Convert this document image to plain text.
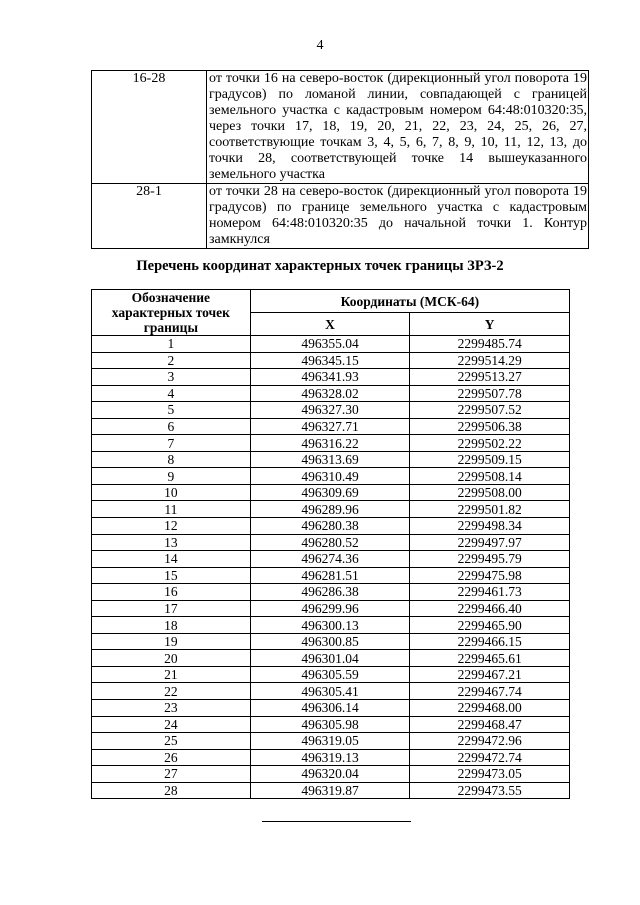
4
16-28	от точки 16 на северо-восток (дирекционный угол поворота 19 градусов) по ломаной линии, совпадающей с границей земельного участка с кадастровым номером 64:48:010320:35, через точки 17, 18, 19, 20, 21, 22, 23, 24, 25, 26, 27, соответствующие точкам 3, 4, 5, 6, 7, 8, 9, 10, 11, 12, 13, до точки 28, соответствующей точке 14 вышеуказанного земельного участка
28-1	от точки 28 на северо-восток (дирекционный угол поворота 19 градусов) по границе земельного участка с кадастровым номером 64:48:010320:35 до начальной точки 1. Контур замкнулся
Перечень координат характерных точек границы ЗРЗ-2
Обозначение характерных точек границы	Координаты (МСК-64)	
	X	Y
1	496355.04	2299485.74
2	496345.15	2299514.29
3	496341.93	2299513.27
4	496328.02	2299507.78
5	496327.30	2299507.52
6	496327.71	2299506.38
7	496316.22	2299502.22
8	496313.69	2299509.15
9	496310.49	2299508.14
10	496309.69	2299508.00
11	496289.96	2299501.82
12	496280.38	2299498.34
13	496280.52	2299497.97
14	496274.36	2299495.79
15	496281.51	2299475.98
16	496286.38	2299461.73
17	496299.96	2299466.40
18	496300.13	2299465.90
19	496300.85	2299466.15
20	496301.04	2299465.61
21	496305.59	2299467.21
22	496305.41	2299467.74
23	496306.14	2299468.00
24	496305.98	2299468.47
25	496319.05	2299472.96
26	496319.13	2299472.74
27	496320.04	2299473.05
28	496319.87	2299473.55
